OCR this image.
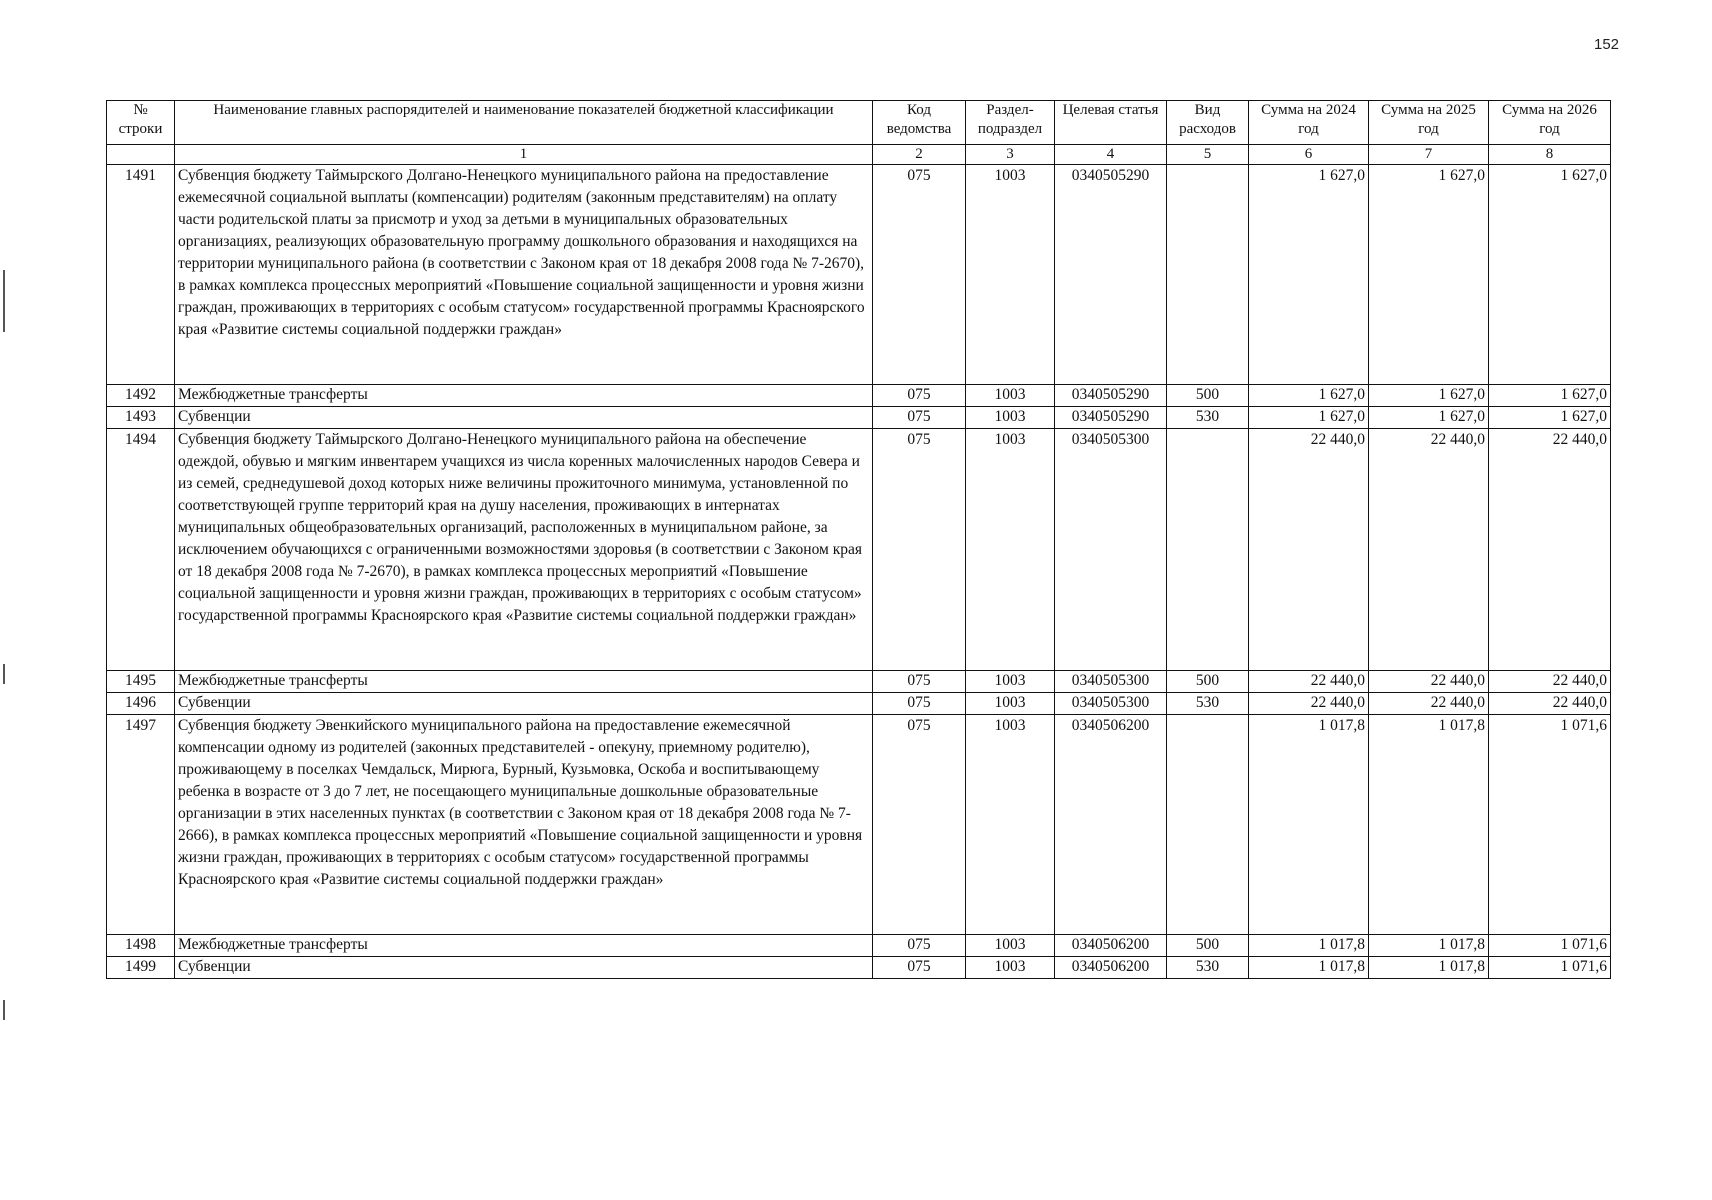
152
№ строки	Наименование главных распорядителей и наименование показателей бюджетной классификации	Код ведомства	Раздел-подраздел	Целевая статья	Вид расходов	Сумма на 2024 год	Сумма на 2025 год	Сумма на 2026 год
	1	2	3	4	5	6	7	8
1491	Субвенция бюджету Таймырского Долгано-Ненецкого муниципального района на предоставление ежемесячной социальной выплаты (компенсации) родителям (законным представителям) на оплату части родительской платы за присмотр и уход за детьми в муниципальных образовательных организациях, реализующих образовательную программу дошкольного образования и находящихся на территории муниципального района (в соответствии с Законом края от 18 декабря 2008 года № 7-2670), в рамках комплекса процессных мероприятий «Повышение социальной защищенности и уровня жизни граждан, проживающих в территориях с особым статусом» государственной программы Красноярского края «Развитие системы социальной поддержки граждан»	075	1003	0340505290		1 627,0	1 627,0	1 627,0
1492	Межбюджетные трансферты	075	1003	0340505290	500	1 627,0	1 627,0	1 627,0
1493	Субвенции	075	1003	0340505290	530	1 627,0	1 627,0	1 627,0
1494	Субвенция бюджету Таймырского Долгано-Ненецкого муниципального района на обеспечение одеждой, обувью и мягким инвентарем учащихся из числа коренных малочисленных народов Севера и из семей, среднедушевой доход которых ниже величины прожиточного минимума, установленной по соответствующей группе территорий края на душу населения, проживающих в интернатах муниципальных общеобразовательных организаций, расположенных в муниципальном районе, за исключением обучающихся с ограниченными возможностями здоровья (в соответствии с Законом края от 18 декабря 2008 года № 7-2670), в рамках комплекса процессных мероприятий «Повышение социальной защищенности и уровня жизни граждан, проживающих в территориях с особым статусом» государственной программы Красноярского края «Развитие системы социальной поддержки граждан»	075	1003	0340505300		22 440,0	22 440,0	22 440,0
1495	Межбюджетные трансферты	075	1003	0340505300	500	22 440,0	22 440,0	22 440,0
1496	Субвенции	075	1003	0340505300	530	22 440,0	22 440,0	22 440,0
1497	Субвенция бюджету Эвенкийского муниципального района на предоставление ежемесячной компенсации одному из родителей (законных представителей - опекуну, приемному родителю), проживающему в поселках Чемдальск, Мирюга, Бурный, Кузьмовка, Оскоба и воспитывающему ребенка в возрасте от 3 до 7 лет, не посещающего муниципальные дошкольные образовательные организации в этих населенных пунктах (в соответствии с Законом края от 18 декабря 2008 года № 7-2666), в рамках комплекса процессных мероприятий «Повышение социальной защищенности и уровня жизни граждан, проживающих в территориях с особым статусом» государственной программы Красноярского края «Развитие системы социальной поддержки граждан»	075	1003	0340506200		1 017,8	1 017,8	1 071,6
1498	Межбюджетные трансферты	075	1003	0340506200	500	1 017,8	1 017,8	1 071,6
1499	Субвенции	075	1003	0340506200	530	1 017,8	1 017,8	1 071,6
